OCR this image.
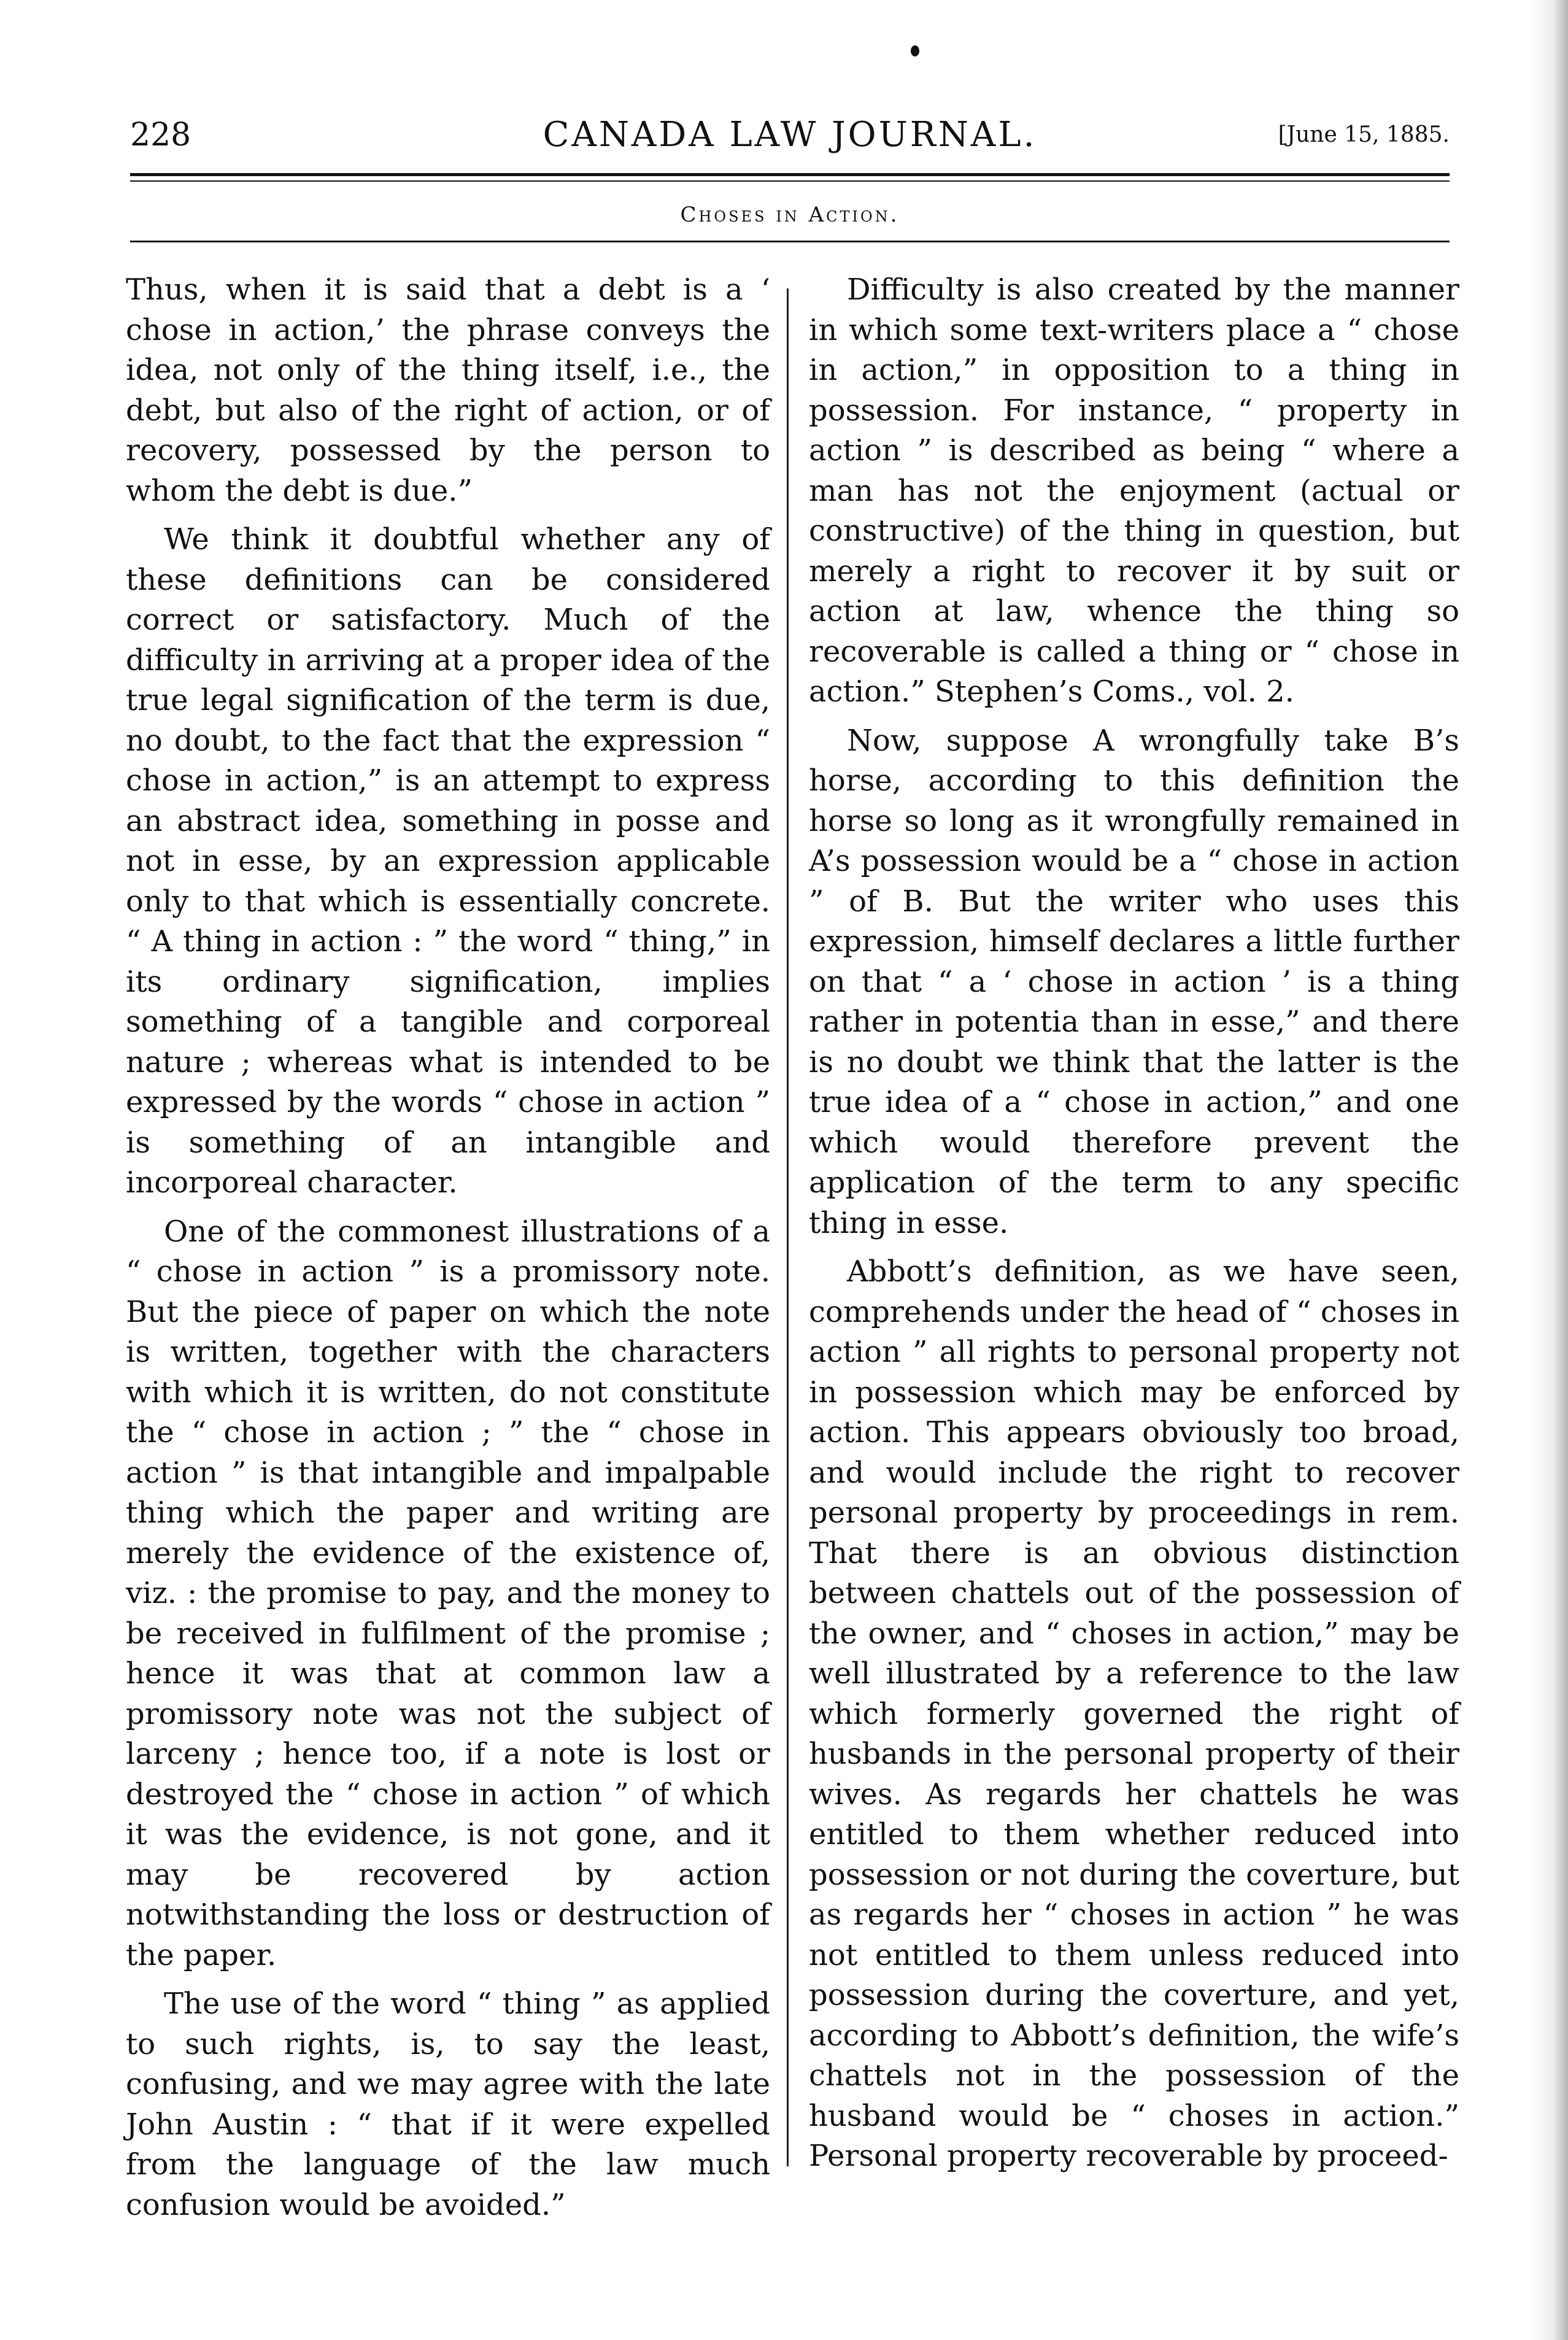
228	CANADA LAW JOURNAL.	[June 15, 1885.
Choses in Action.

Thus, when it is said that a debt is a ‘ chose in action,’ the phrase conveys the idea, not only of the thing itself, i.e., the debt, but also of the right of action, or of recovery, possessed by the person to whom the debt is due.”

We think it doubtful whether any of these definitions can be considered correct or satisfactory. Much of the difficulty in arriving at a proper idea of the true legal signification of the term is due, no doubt, to the fact that the expression “ chose in action,” is an attempt to express an abstract idea, something in posse and not in esse, by an expression applicable only to that which is essentially concrete. “ A thing in action : ” the word “ thing,” in its ordinary signification, implies something of a tangible and corporeal nature ; whereas what is intended to be expressed by the words “ chose in action ” is something of an intangible and incorporeal character.

One of the commonest illustrations of a “ chose in action ” is a promissory note. But the piece of paper on which the note is written, together with the characters with which it is written, do not constitute the “ chose in action ; ” the “ chose in action ” is that intangible and impalpable thing which the paper and writing are merely the evidence of the existence of, viz. : the promise to pay, and the money to be received in fulfilment of the promise ; hence it was that at common law a promissory note was not the subject of larceny ; hence too, if a note is lost or destroyed the “ chose in action ” of which it was the evidence, is not gone, and it may be recovered by action notwithstanding the loss or destruction of the paper.

The use of the word “ thing ” as applied to such rights, is, to say the least, confusing, and we may agree with the late John Austin : “ that if it were expelled from the language of the law much confusion would be avoided.”

Difficulty is also created by the manner in which some text-writers place a “ chose in action,” in opposition to a thing in possession. For instance, “ property in action ” is described as being “ where a man has not the enjoyment (actual or constructive) of the thing in question, but merely a right to recover it by suit or action at law, whence the thing so recoverable is called a thing or “ chose in action.” Stephen’s Coms., vol. 2.

Now, suppose A wrongfully take B’s horse, according to this definition the horse so long as it wrongfully remained in A’s possession would be a “ chose in action ” of B. But the writer who uses this expression, himself declares a little further on that “ a ‘ chose in action ’ is a thing rather in potentia than in esse,” and there is no doubt we think that the latter is the true idea of a “ chose in action,” and one which would therefore prevent the application of the term to any specific thing in esse.

Abbott’s definition, as we have seen, comprehends under the head of “ choses in action ” all rights to personal property not in possession which may be enforced by action. This appears obviously too broad, and would include the right to recover personal property by proceedings in rem. That there is an obvious distinction between chattels out of the possession of the owner, and “ choses in action,” may be well illustrated by a reference to the law which formerly governed the right of husbands in the personal property of their wives. As regards her chattels he was entitled to them whether reduced into possession or not during the coverture, but as regards her “ choses in action ” he was not entitled to them unless reduced into possession during the coverture, and yet, according to Abbott’s definition, the wife’s chattels not in the possession of the husband would be “ choses in action.” Personal property recoverable by proceed-
